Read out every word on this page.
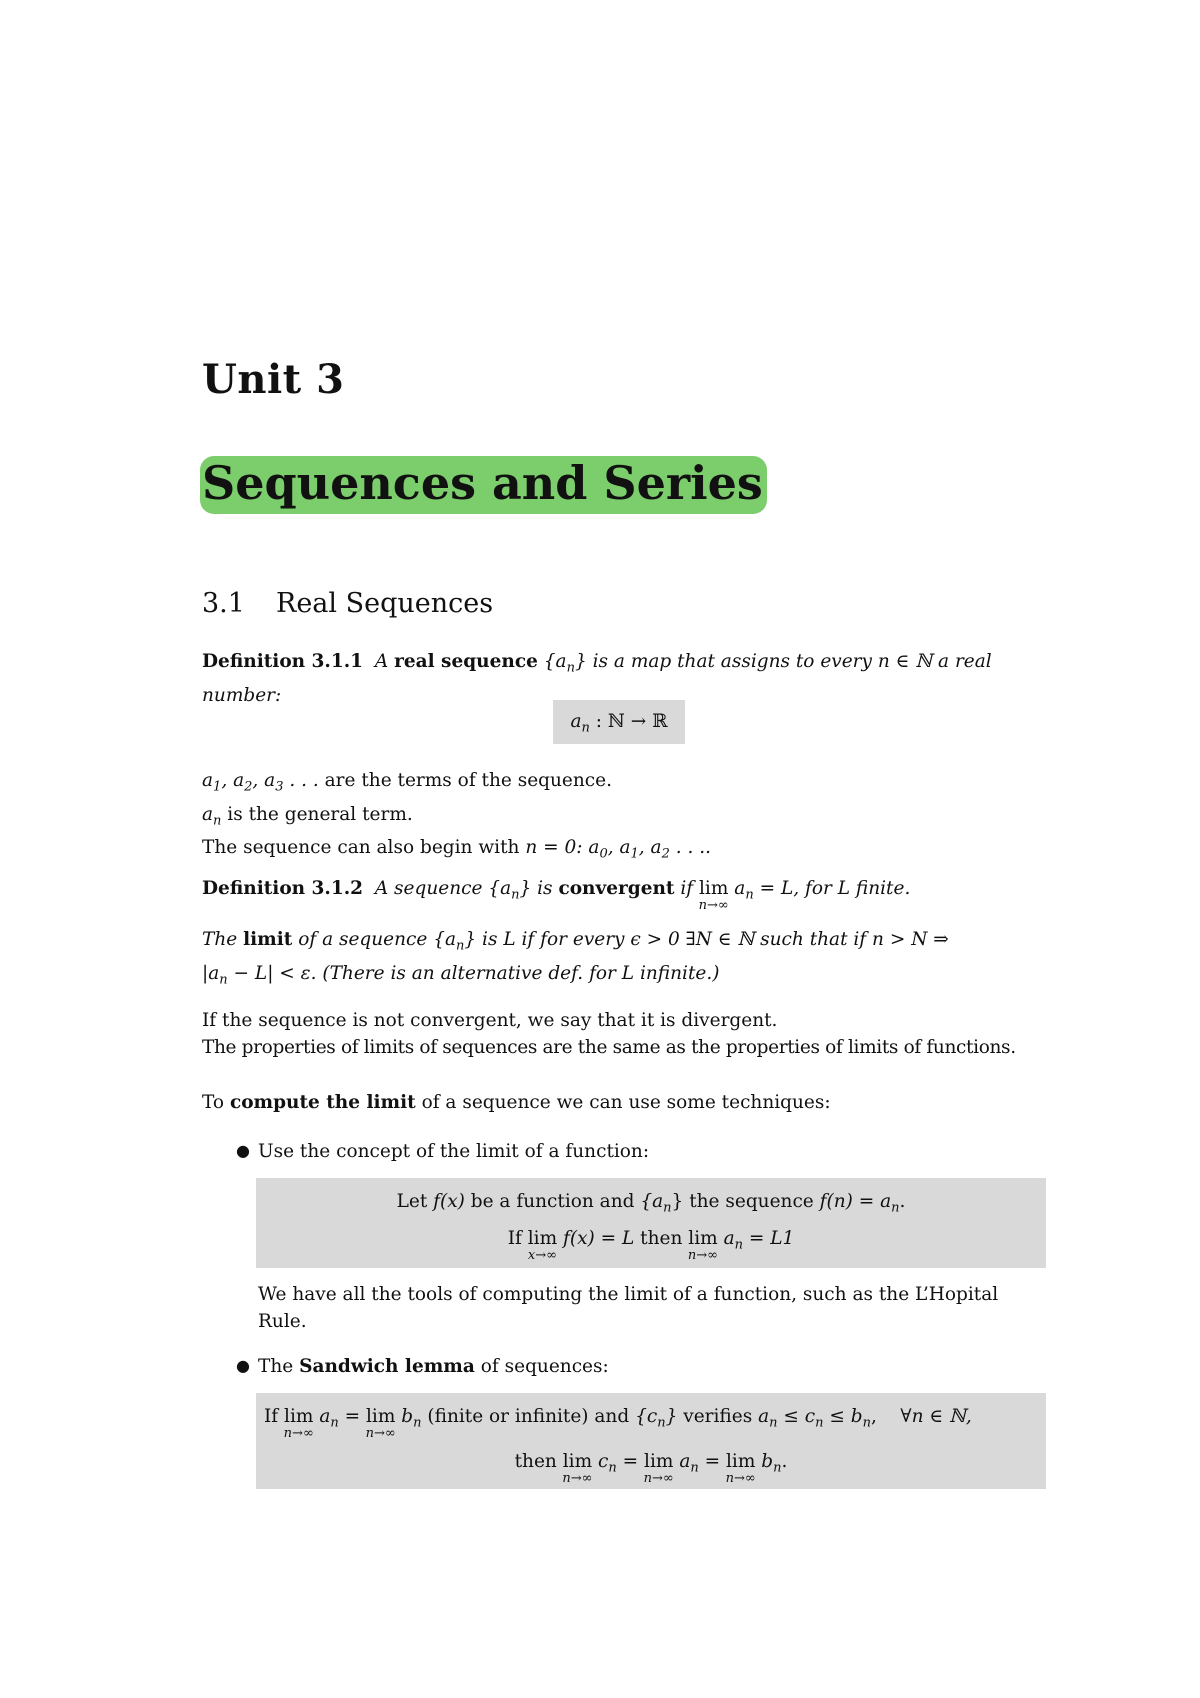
Unit 3
Sequences and Series
3.1 Real Sequences
Definition 3.1.1 A real sequence $\{a_n\}$ is a map that assigns to every n ∈ ℕ a real
number:
$a_n$ : ℕ → ℝ
$a_1$, $a_2$, $a_3$ . . . are the terms of the sequence.
$a_n$ is the general term.
The sequence can also begin with n = 0: $a_0$, $a_1$, $a_2$ . . ..
Definition 3.1.2 A sequence $\{a_n\}$ is convergent if lim
n→∞
$a_n = L$, for L finite.
The limit of a sequence $\{a_n\}$ is L if for every ϵ > 0 ∃N ∈ ℕ such that if n > N ⇒
$|a_n - L| < \varepsilon$. (There is an alternative def. for L infinite.)
If the sequence is not convergent, we say that it is divergent.
The properties of limits of sequences are the same as the properties of limits of functions.
To compute the limit of a sequence we can use some techniques:
● Use the concept of the limit of a function:
Let f(x) be a function and $\{a_n\}$ the sequence $f(n) = a_n$.
If lim
x→∞
f(x) = L then lim
n→∞
$a_n = L1$
We have all the tools of computing the limit of a function, such as the L’Hopital
Rule.
● The Sandwich lemma of sequences:
If lim
n→∞
$a_n = \lim$
n→∞
$b_n$ (finite or infinite) and $\{c_n\}$ verifies $a_n \le c_n \le b_n$,    ∀n ∈ ℕ,
then lim
n→∞
$c_n = \lim$
n→∞
$a_n = \lim$
n→∞
$b_n$.
